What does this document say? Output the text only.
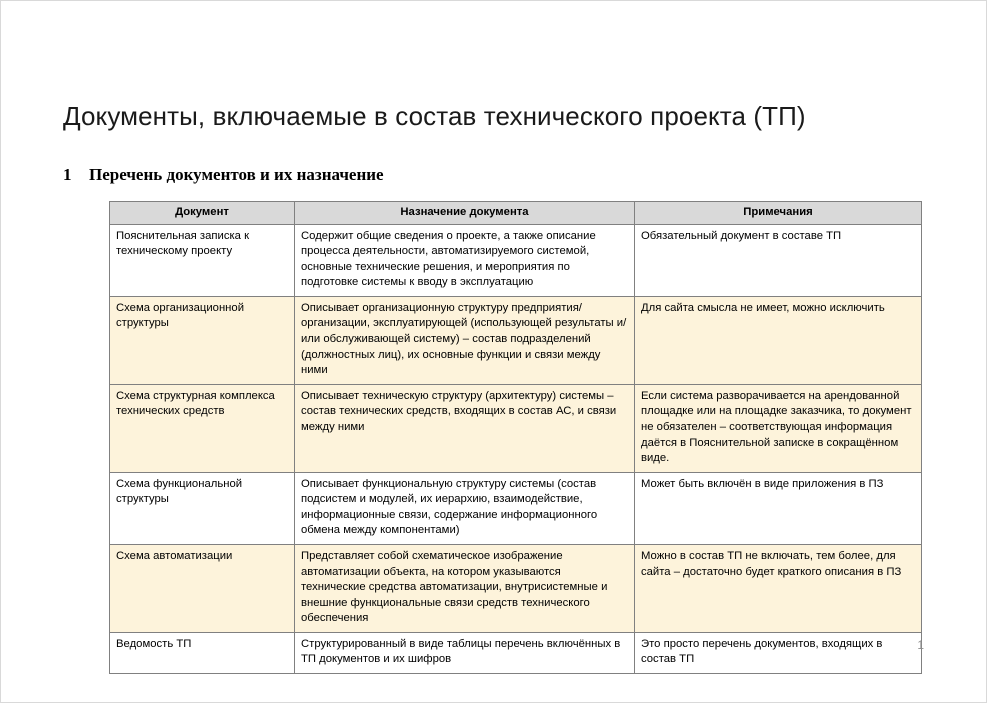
Документы, включаемые в состав технического проекта (ТП)
1 Перечень документов и их назначение
Документ	Назначение документа	Примечания
Пояснительная записка к техническому проекту	Содержит общие сведения о проекте, а также описание процесса деятельности, автоматизируемого системой, основные технические решения, и мероприятия по подготовке системы к вводу в эксплуатацию	Обязательный документ в составе ТП
Схема организационной структуры	Описывает организационную структуру предприятия/организации, эксплуатирующей (использующей результаты и/или обслуживающей систему) – состав подразделений (должностных лиц), их основные функции и связи между ними	Для сайта смысла не имеет, можно исключить
Схема структурная комплекса технических средств	Описывает техническую структуру (архитектуру) системы – состав технических средств, входящих в состав АС, и связи между ними	Если система разворачивается на арендованной площадке или на площадке заказчика, то документ не обязателен – соответствующая информация даётся в Пояснительной записке в сокращённом виде.
Схема функциональной структуры	Описывает функциональную структуру системы (состав подсистем и модулей, их иерархию, взаимодействие, информационные связи, содержание информационного обмена между компонентами)	Может быть включён в виде приложения в ПЗ
Схема автоматизации	Представляет собой схематическое изображение автоматизации объекта, на котором указываются технические средства автоматизации, внутрисистемные и внешние функциональные связи средств технического обеспечения	Можно в состав ТП не включать, тем более, для сайта – достаточно будет краткого описания в ПЗ
Ведомость ТП	Структурированный в виде таблицы перечень включённых в ТП документов и их шифров	Это просто перечень документов, входящих в состав ТП
1
